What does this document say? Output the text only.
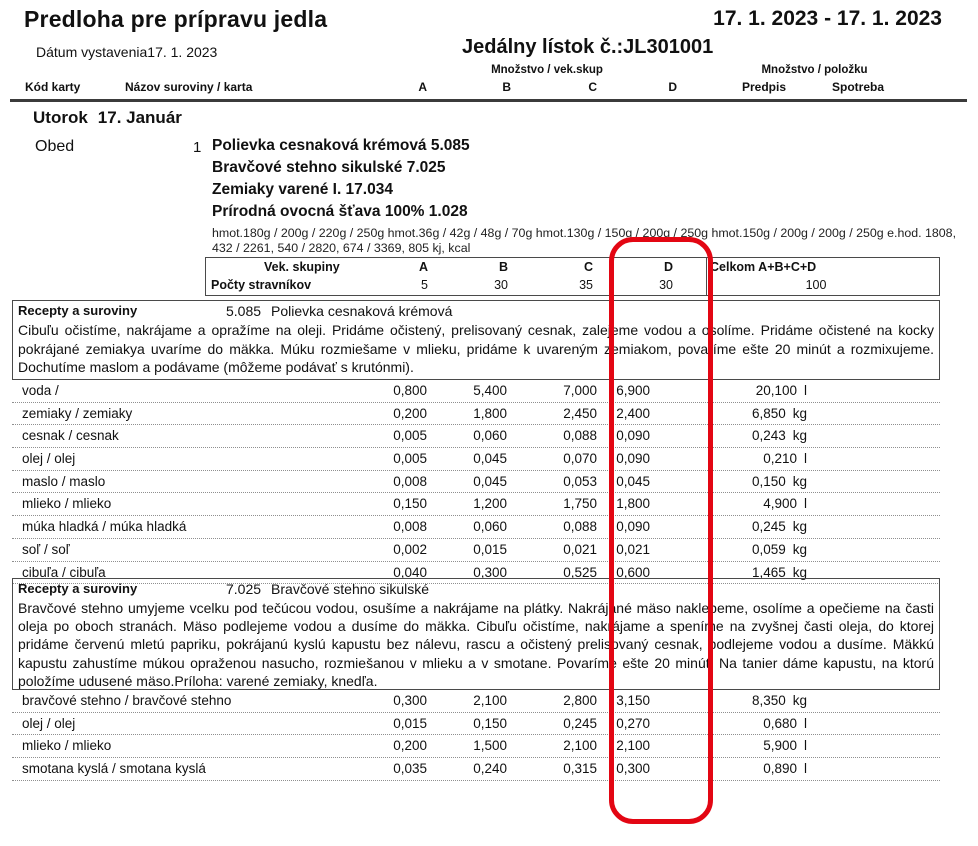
Predloha pre prípravu jedla	17. 1. 2023 - 17. 1. 2023
Dátum vystavenia17. 1. 2023	Jedálny lístok č.:JL301001
Množstvo / vek.skup	Množstvo / položku
Kód karty	Názov suroviny / karta	A	B	C	D	Predpis	Spotreba
Utorok 17. Január
Obed	1 Polievka cesnaková krémová 5.085
Bravčové stehno sikulské 7.025
Zemiaky varené I. 17.034
Prírodná ovocná šťava 100% 1.028
hmot.180g / 200g / 220g / 250g hmot.36g / 42g / 48g / 70g hmot.130g / 150g / 200g / 250g hmot.150g / 200g / 200g / 250g e.hod. 1808, 432 / 2261, 540 / 2820, 674 / 3369, 805 kj, kcal
Vek. skupiny	A	B	C	D	Celkom A+B+C+D
Počty stravníkov	5	30	35	30	100
Recepty a suroviny	5.085 Polievka cesnaková krémová
Cibuľu očistíme, nakrájame a opražíme na oleji. Pridáme očistený, prelisovaný cesnak, zalejeme vodou a osolíme. Pridáme očistené na kocky pokrájané zemiakya uvaríme do mäkka. Múku rozmiešame v mlieku, pridáme k uvareným zemiakom, povaríme ešte 20 minút a rozmixujeme. Dochutíme maslom a podávame (môžeme podávať s krutónmi).
voda /	0,800	5,400	7,000	6,900	20,100 l
zemiaky / zemiaky	0,200	1,800	2,450	2,400	6,850 kg
cesnak / cesnak	0,005	0,060	0,088	0,090	0,243 kg
olej / olej	0,005	0,045	0,070	0,090	0,210 l
maslo / maslo	0,008	0,045	0,053	0,045	0,150 kg
mlieko / mlieko	0,150	1,200	1,750	1,800	4,900 l
múka hladká / múka hladká	0,008	0,060	0,088	0,090	0,245 kg
soľ / soľ	0,002	0,015	0,021	0,021	0,059 kg
cibuľa / cibuľa	0,040	0,300	0,525	0,600	1,465 kg
Recepty a suroviny	7.025 Bravčové stehno sikulské
Bravčové stehno umyjeme vcelku pod tečúcou vodou, osušíme a nakrájame na plátky. Nakrájané mäso naklepeme, osolíme a opečieme na časti oleja po oboch stranách. Mäso podlejeme vodou a dusíme do mäkka. Cibuľu očistíme, nakrájame a speníme na zvyšnej časti oleja, do ktorej pridáme červenú mletú papriku, pokrájanú kyslú kapustu bez nálevu, rascu a očistený prelisovaný cesnak, podlejeme vodou a dusíme. Mäkkú kapustu zahustíme múkou opraženou nasucho, rozmiešanou v mlieku a v smotane. Povaríme ešte 20 minút. Na tanier dáme kapustu, na ktorú položíme udusené mäso.Príloha: varené zemiaky, knedľa.
bravčové stehno / bravčové stehno	0,300	2,100	2,800	3,150	8,350 kg
olej / olej	0,015	0,150	0,245	0,270	0,680 l
mlieko / mlieko	0,200	1,500	2,100	2,100	5,900 l
smotana kyslá / smotana kyslá	0,035	0,240	0,315	0,300	0,890 l
